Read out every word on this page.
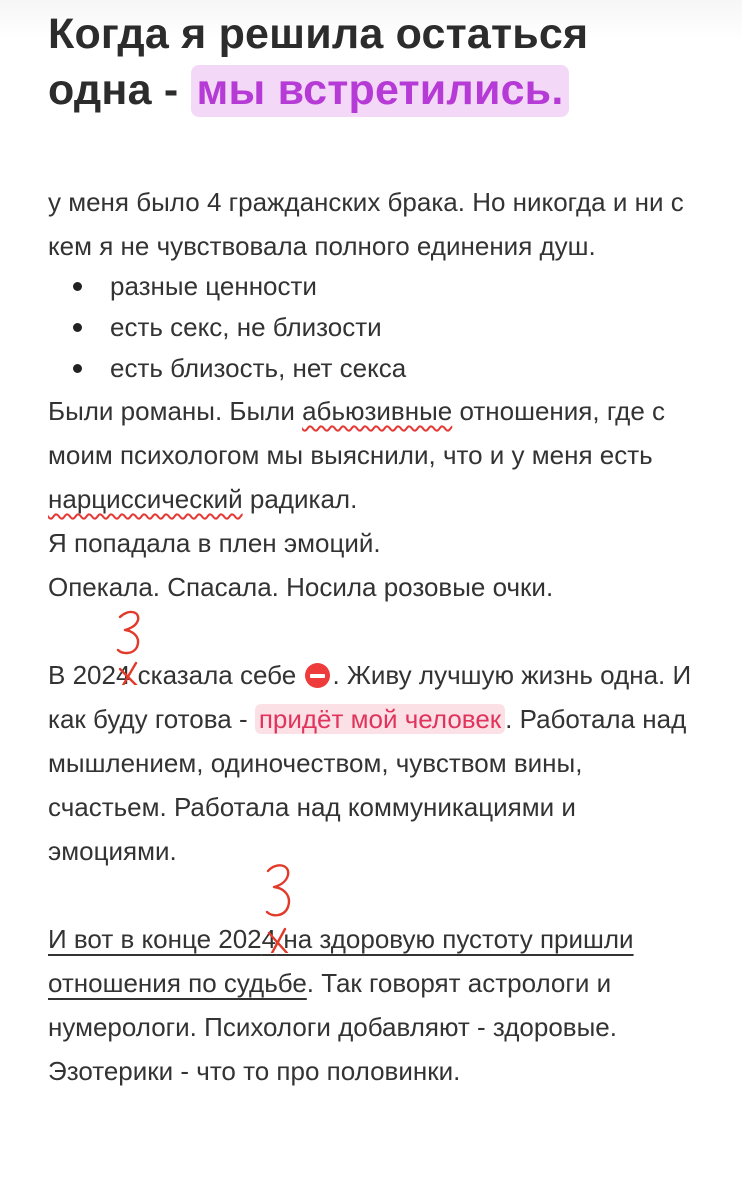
Когда я решила остаться одна - мы встретились.

у меня было 4 гражданских брака. Но никогда и ни с кем я не чувствовала полного единения душ.

разные ценности
есть секс, не близости
есть близость, нет секса

Были романы. Были абьюзивные отношения, где с моим психологом мы выяснили, что и у меня есть нарциссический радикал.

Я попадала в плен эмоций.

Опекала. Спасала. Носила розовые очки.

В 2024
сказала себе . Живу лучшую жизнь одна. И как буду готова - придёт мой человек . Работала над мышлением, одиночеством, чувством вины, счастьем. Работала над коммуникациями и эмоциями.

И вот в конце 2024
на здоровую пустоту пришли отношения по судьбе. Так говорят астрологи и нумерологи. Психологи добавляют - здоровые. Эзотерики - что то про половинки.
